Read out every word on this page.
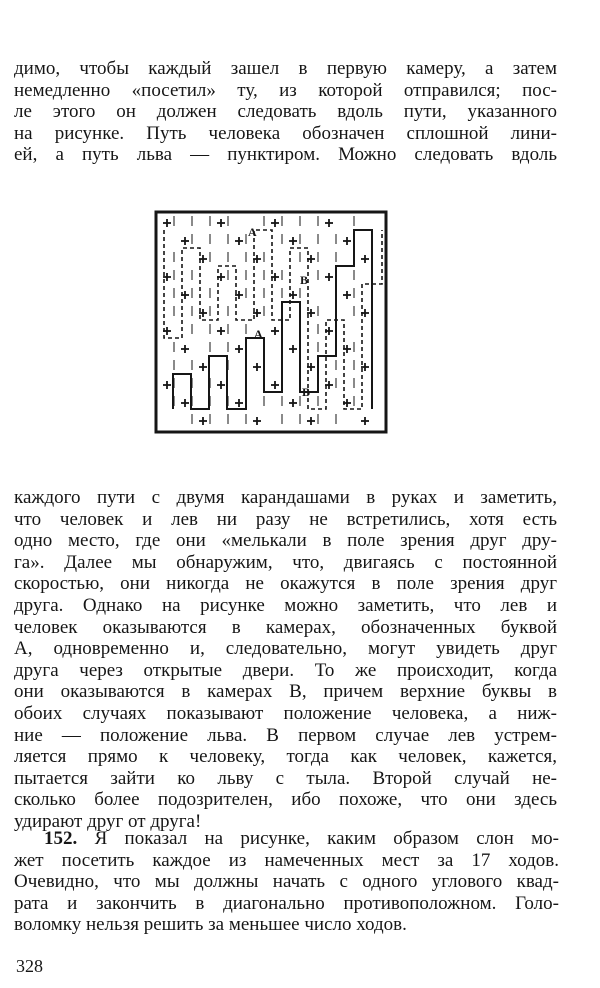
димо, чтобы каждый зашел в первую камеру, а затем
немедленно «посетил» ту, из которой отправился; пос-
ле этого он должен следовать вдоль пути, указанного
на рисунке. Путь человека обозначен сплошной лини-
ей, а путь льва — пунктиром. Можно следовать вдоль
A
A
B
B
каждого пути с двумя карандашами в руках и заметить,
что человек и лев ни разу не встретились, хотя есть
одно место, где они «мелькали в поле зрения друг дру-
га». Далее мы обнаружим, что, двигаясь с постоянной
скоростью, они никогда не окажутся в поле зрения друг
друга. Однако на рисунке можно заметить, что лев и
человек оказываются в камерах, обозначенных буквой
А, одновременно и, следовательно, могут увидеть друг
друга через открытые двери. То же происходит, когда
они оказываются в камерах В, причем верхние буквы в
обоих случаях показывают положение человека, а ниж-
ние — положение льва. В первом случае лев устрем-
ляется прямо к человеку, тогда как человек, кажется,
пытается зайти ко льву с тыла. Второй случай не-
сколько более подозрителен, ибо похоже, что они здесь
удирают друг от друга!
152. Я показал на рисунке, каким образом слон мо-
жет посетить каждое из намеченных мест за 17 ходов.
Очевидно, что мы должны начать с одного углового квад-
рата и закончить в диагонально противоположном. Голо-
воломку нельзя решить за меньшее число ходов.
328
